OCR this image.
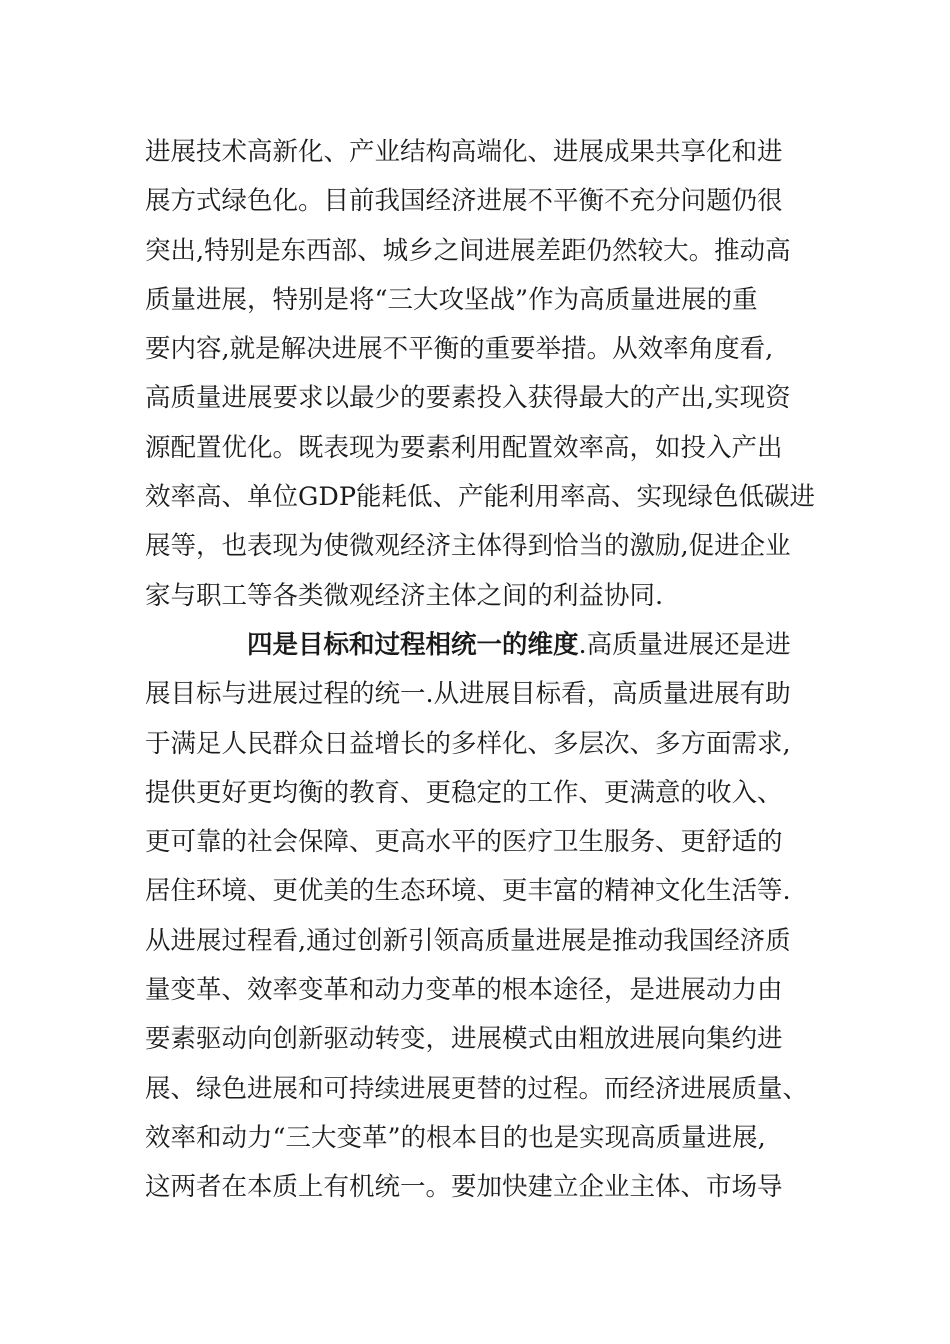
进展技术高新化、产业结构高端化、进展成果共享化和进
展方式绿色化。目前我国经济进展不平衡不充分问题仍很
突出,特别是东西部、城乡之间进展差距仍然较大。推动高
质量进展，特别是将“三大攻坚战”作为高质量进展的重
要内容,就是解决进展不平衡的重要举措。从效率角度看,
高质量进展要求以最少的要素投入获得最大的产出,实现资
源配置优化。既表现为要素利用配置效率高，如投入产出
效率高、单位GDP能耗低、产能利用率高、实现绿色低碳进
展等，也表现为使微观经济主体得到恰当的激励,促进企业
家与职工等各类微观经济主体之间的利益协同.
四是目标和过程相统一的维度.高质量进展还是进
展目标与进展过程的统一.从进展目标看，高质量进展有助
于满足人民群众日益增长的多样化、多层次、多方面需求,
提供更好更均衡的教育、更稳定的工作、更满意的收入、
更可靠的社会保障、更高水平的医疗卫生服务、更舒适的
居住环境、更优美的生态环境、更丰富的精神文化生活等.
从进展过程看,通过创新引领高质量进展是推动我国经济质
量变革、效率变革和动力变革的根本途径，是进展动力由
要素驱动向创新驱动转变，进展模式由粗放进展向集约进
展、绿色进展和可持续进展更替的过程。而经济进展质量、
效率和动力“三大变革”的根本目的也是实现高质量进展,
这两者在本质上有机统一。要加快建立企业主体、市场导
